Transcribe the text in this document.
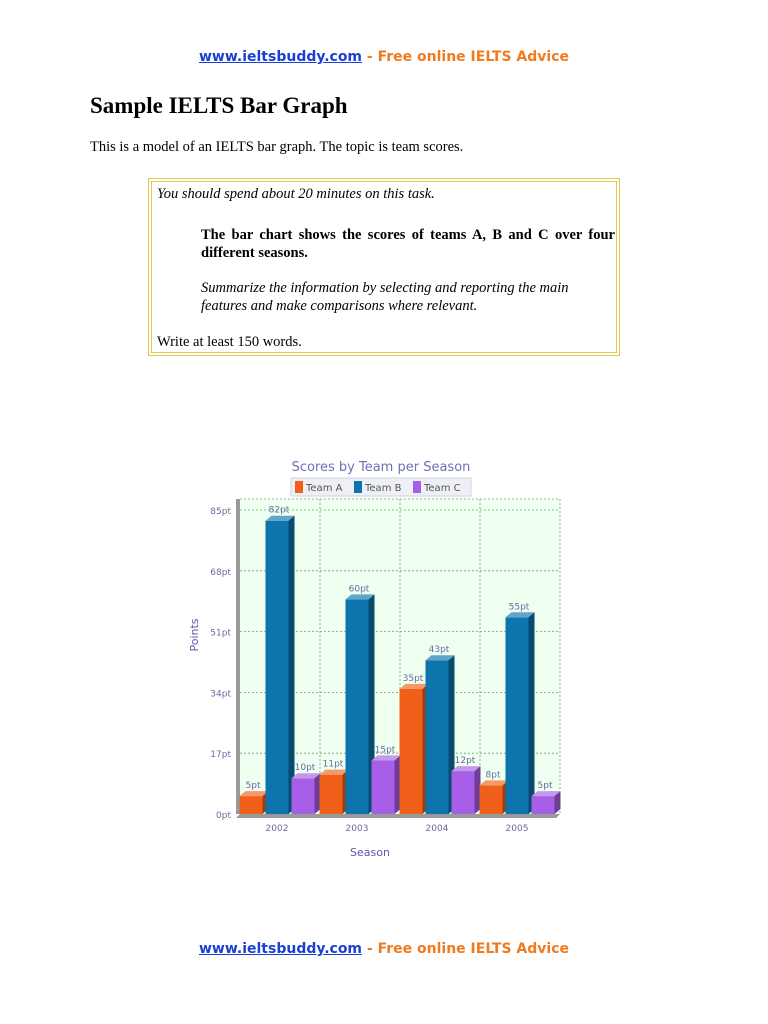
www.ieltsbuddy.com - Free online IELTS Advice
Sample IELTS Bar Graph

This is a model of an IELTS bar graph. The topic is team scores.

You should spend about 20 minutes on this task.
The bar chart shows the scores of teams A, B and C over four different seasons.
Summarize the information by selecting and reporting the main features and make comparisons where relevant.
Write at least 150 words.
5pt
82pt
10pt 11pt
60pt
15pt
35pt
43pt
12pt
8pt
55pt
5pt
0pt
17pt
34pt
51pt
68pt
85pt
2002	2003	2004	2005
Scores by Team per Season
Team A Team B Team C
Points
Season
www.ieltsbuddy.com - Free online IELTS Advice
